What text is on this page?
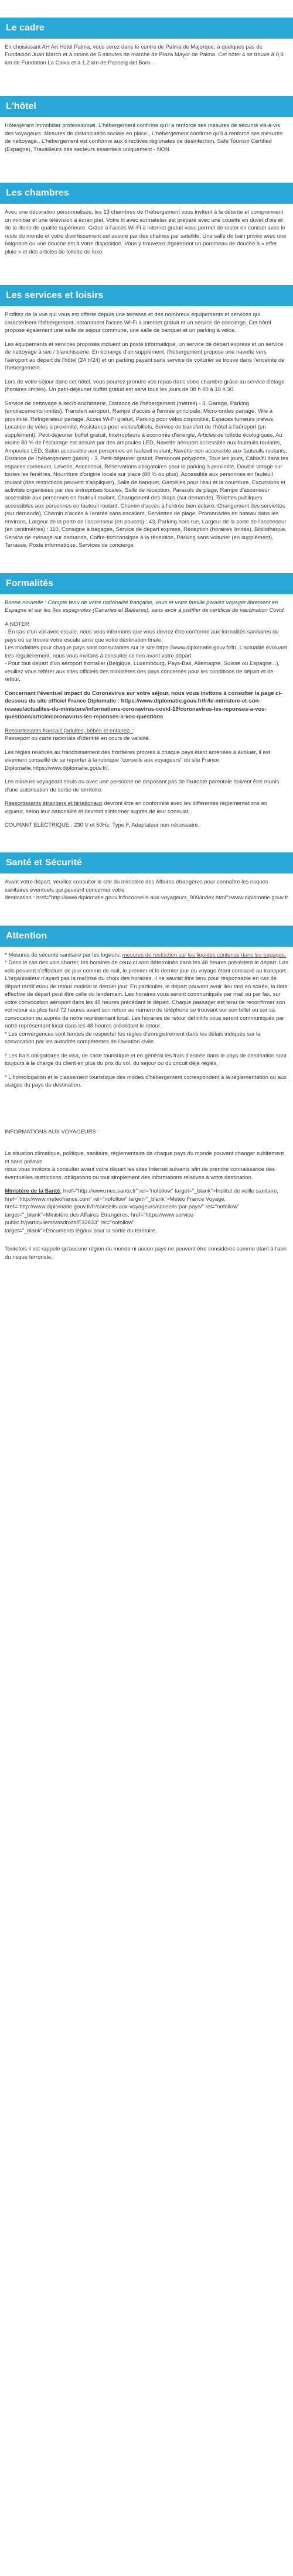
Le cadre

En choisissant AH Art Hotel Palma, vous serez dans le centre de Palma de Majorque, à quelques pas de Fundación Juan March et à moins de 5 minutes de marche de Plaza Mayor de Palma. Cet hôtel 4 se trouve à 0,9 km de Fundation La Caixa et à 1,2 km de Passeig del Born.

L'hôtel

Hôte/gérant immobilier professionnel. L'hébergement confirme qu'il a renforcé ses mesures de sécurité vis-à-vis des voyageurs. Mesures de distanciation sociale en place., L'hébergement confirme qu'il a renforcé ses mesures de nettoyage., L'hébergement est conforme aux directives régionales de désinfection. Safe Tourism Certified (Espagne), Travailleurs des secteurs essentiels uniquement - NON

Les chambres

Avec une décoration personnalisée, les 13 chambres de l'hébergement vous invitent à la détente et comprennent un minibar et une télévision à écran plat. Votre lit avec surmatelas est préparé avec une couette en duvet d'oie et de la literie de qualité supérieure. Grâce à l'accès Wi-Fi à Internet gratuit vous permet de rester en contact avec le reste du monde et votre divertissement est assuré par des chaînes par satellite. Une salle de bain privée avec une baignoire ou une douche est à votre disposition. Vous y trouverez également un pommeau de douche à « effet pluie » et des articles de toilette de luxe.

Les services et loisirs

Profitez de la vue qui vous est offerte depuis une terrasse et des nombreux équipements et services qui caractérisent l'hébergement, notamment l'accès Wi-Fi à Internet gratuit et un service de concierge. Cet hôtel propose également une salle de séjour commune, une salle de banquet et un parking à vélos.

Les équipements et services proposés incluent un poste informatique, un service de départ express et un service de nettoyage à sec / blanchisserie. En échange d'un supplément, l'hébergement propose une navette vers l'aéroport au départ de l'hôtel (24 h/24) et un parking payant sans service de voiturier se trouve dans l'enceinte de l'hébergement.

Lors de votre séjour dans cet hôtel, vous pourrez prendre vos repas dans votre chambre grâce au service d'étage (horaires limités). Un petit-déjeuner buffet gratuit est servi tous les jours de 08 h 00 à 10 h 30.

Service de nettoyage à sec/blanchisserie, Distance de l'hébergement (mètres) - 3, Garage, Parking (emplacements limités), Transfert aéroport, Rampe d'accès à l'entrée principale, Micro-ondes partagé, Ville à proximité, Réfrigérateur partagé, Accès Wi-Fi gratuit, Parking pour vélos disponible, Espaces fumeurs prévus, Location de vélos à proximité, Assistance pour visites/billets, Service de transfert de l'hôtel à l'aéroport (en supplément), Petit-déjeuner buffet gratuit, Interrupteurs à économie d'énergie, Articles de toilette écologiques, Au moins 80 % de l'éclairage est assuré par des ampoules LED, Navette aéroport accessible aux fauteuils roulants, Ampoules LED, Salon accessible aux personnes en fauteuil roulant, Navette non accessible aux fauteuils roulants, Distance de l'hébergement (pieds) - 3, Petit-déjeuner gratuit, Personnel polyglotte, Tous les jours, Câble/fil dans les espaces communs, Leverie, Ascenseur, Réservations obligatoires pour le parking à proximité, Double vitrage sur toutes les fenêtres, Nourriture d'origine locale sur place (80 % ou plus), Accessible aux personnes en fauteuil roulant (des restrictions peuvent s'appliquer), Salle de banquet, Gamelles pour l'eau et la nourriture, Excursions et activités organisées par des entreprises locales, Salle de réception, Parasols de plage, Rampe d'ascenseur accessible aux personnes en fauteuil roulant, Changement des draps (sur demande), Toilettes publiques accessibles aux personnes en fauteuil roulant, Chemin d'accès à l'entrée bien éclairé, Changement des serviettes (sur demande), Chemin d'accès à l'entrée sans escaliers, Serviettes de plage, Promenades en bateau dans les environs, Largeur de la porte de l'ascenseur (en pouces) : 43, Parking hors rue, Largeur de la porte de l'ascenseur (en centimètres) : 110, Consigne à bagages, Service de départ express, Réception (horaires limités), Bibliothèque, Service de ménage sur demande, Coffre-fort/consigne à la réception, Parking sans voiturier (en supplément), Terrasse, Poste informatique, Services de concierge

Formalités

Bonne nouvelle : Compte tenu de votre nationalité française, vous et votre famille pouvez voyager librement en Espagne et sur les îles espagnoles (Canaries et Baléares), sans avoir à justifier de certificat de vaccination Covid.

A NOTER
- En cas d'un vol avec escale, nous vous informons que vous devrez être conforme aux formalités sanitaires du pays où se trouve votre escale ainsi que votre destination finale,
Les modalités pour chaque pays sont consultables sur le site https://www.diplomatie.gouv.fr/fr/. L'actualité évoluant très régulièrement, nous vous invitons à consulter ce lien avant votre départ.
- Pour tout départ d'un aéroport frontalier (Belgique, Luxembourg, Pays-Bas, Allemagne, Suisse ou Espagne...), veuillez vous référer aux sites officiels des ministères des pays concernés pour les conditions de départ et de retour.

Concernant l'éventuel impact du Coronavirus sur votre séjour, nous vous invitons à consulter la page ci-dessous du site officiel France Diplomatie : https://www.diplomatie.gouv.fr/fr/le-ministere-et-son-reseau/actualites-du-ministere/informations-coronavirus-covid-19/coronavirus-les-reponses-a-vos-questions/article/coronavirus-les-reponses-a-vos-questions

Ressortissants français (adultes, bébés et enfants) :
Passeport ou carte nationale d'identité en cours de validité.

Les règles relatives au franchissement des frontières propres à chaque pays étant amenées à évoluer, il est vivement conseillé de se reporter à la rubrique "conseils aux voyageurs" du site France Diplomatie,https://www.diplomatie.gouv.fr/.

Les mineurs voyageant seuls ou avec une personne ne disposant pas de l'autorité parentale doivent être munis d'une autorisation de sortie de territoire.

Ressortissants étrangers et binationaux devront être en conformité avec les différentes réglementations en vigueur, selon leur nationalité et devront s'informer auprès de leur consulat.

COURANT ELECTRIQUE : 230 V et 50Hz. Type F. Adaptateur non nécessaire.

Santé et Sécurité

Avant votre départ, veuillez consulter le site du ministère des Affaires étrangères pour connaître les risques sanitaires éventuels qui peuvent concerner votre
destination : href="http://www.diplomatie.gouv.fr/fr/conseils-aux-voyageurs_909/index.html">www.diplomatie.gouv.fr

Attention

* Mesures de sécurité sanitaire par les logeurs: mesures de restriction sur les liquides contenus dans les bagages.
* Dans le cas des vols charter, les horaires de ceux-ci sont déterminés dans les 48 heures précédent le départ. Les vols peuvent s'effectuer de jour comme de nuit, le premier et le dernier jour du voyage étant consacré au transport. L'organisateur n'ayant pas la maîtrise du choix des horaires, il ne saurait être tenu pour responsable en cas de départ tardif et/ou de retour matinal le dernier jour. En particulier, le départ pouvant avoir lieu tard en soirée, la date effective de départ peut être celle du lendemain. Les horaires vous seront communiqués par mail ou par fax, sur votre convocation aéroport dans les 48 heures précédant le départ. Chaque passager est tenu de reconfirmer son vol retour au plus tard 72 heures avant son retour au numéro de téléphone se trouvant sur son billet ou sur sa convocation ou auprès de notre représentant local. Les horaires de retour définitifs vous seront communiqués par notre représentant local dans les 48 heures précédant le retour.
* Les convergences sont tenues de respecter les règles d'enregistrement dans les délais indiqués sur la convocation par les autorités compétentes de l'aviation civile.

* Les frais obligatoires de visa, de carte touristique et en général les frais d'entrée dans le pays de destination sont toujours à la charge du client en plus du prix du vol, du séjour ou du circuit déjà réglés.

* L'homologation et le classement touristique des modes d'hébergement correspondent à la réglementation ou aux usages du pays de destination.

INFORMATIONS AUX VOYAGEURS :

La situation climatique, politique, sanitaire, réglementaire de chaque pays du monde pouvant changer subitement et sans préavis
nous vous invitons à consulter avant votre départ les sites Internet suivants afin de prendre connaissance des éventuelles restrictions, obligations ou tout simplement des informations relatives à votre destination.

Ministère de la Santé, href="http://www.mes.sante.fr" rel="nofollow" target="_blank">Institut de veille sanitaire,
href="http://www.meteofrance.com" rel="nofollow" target="_blank">Météo France Voyage, href="http://www.diplomatie.gouv.fr/fr/conseils-aux-voyageurs/conseils-par-pays/" rel="nofollow"
target="_blank">Ministère des Affaires Etrangères, href="https://www.service-public.fr/particuliers/vosdroits/F32833" rel="nofollow"
target="_blank">Documents légaux pour la sortie du territoire.

Toutefois il est rappelé qu'aucune région du monde ni aucun pays ne peuvent être considérés comme étant à l'abri du risque terroriste.
